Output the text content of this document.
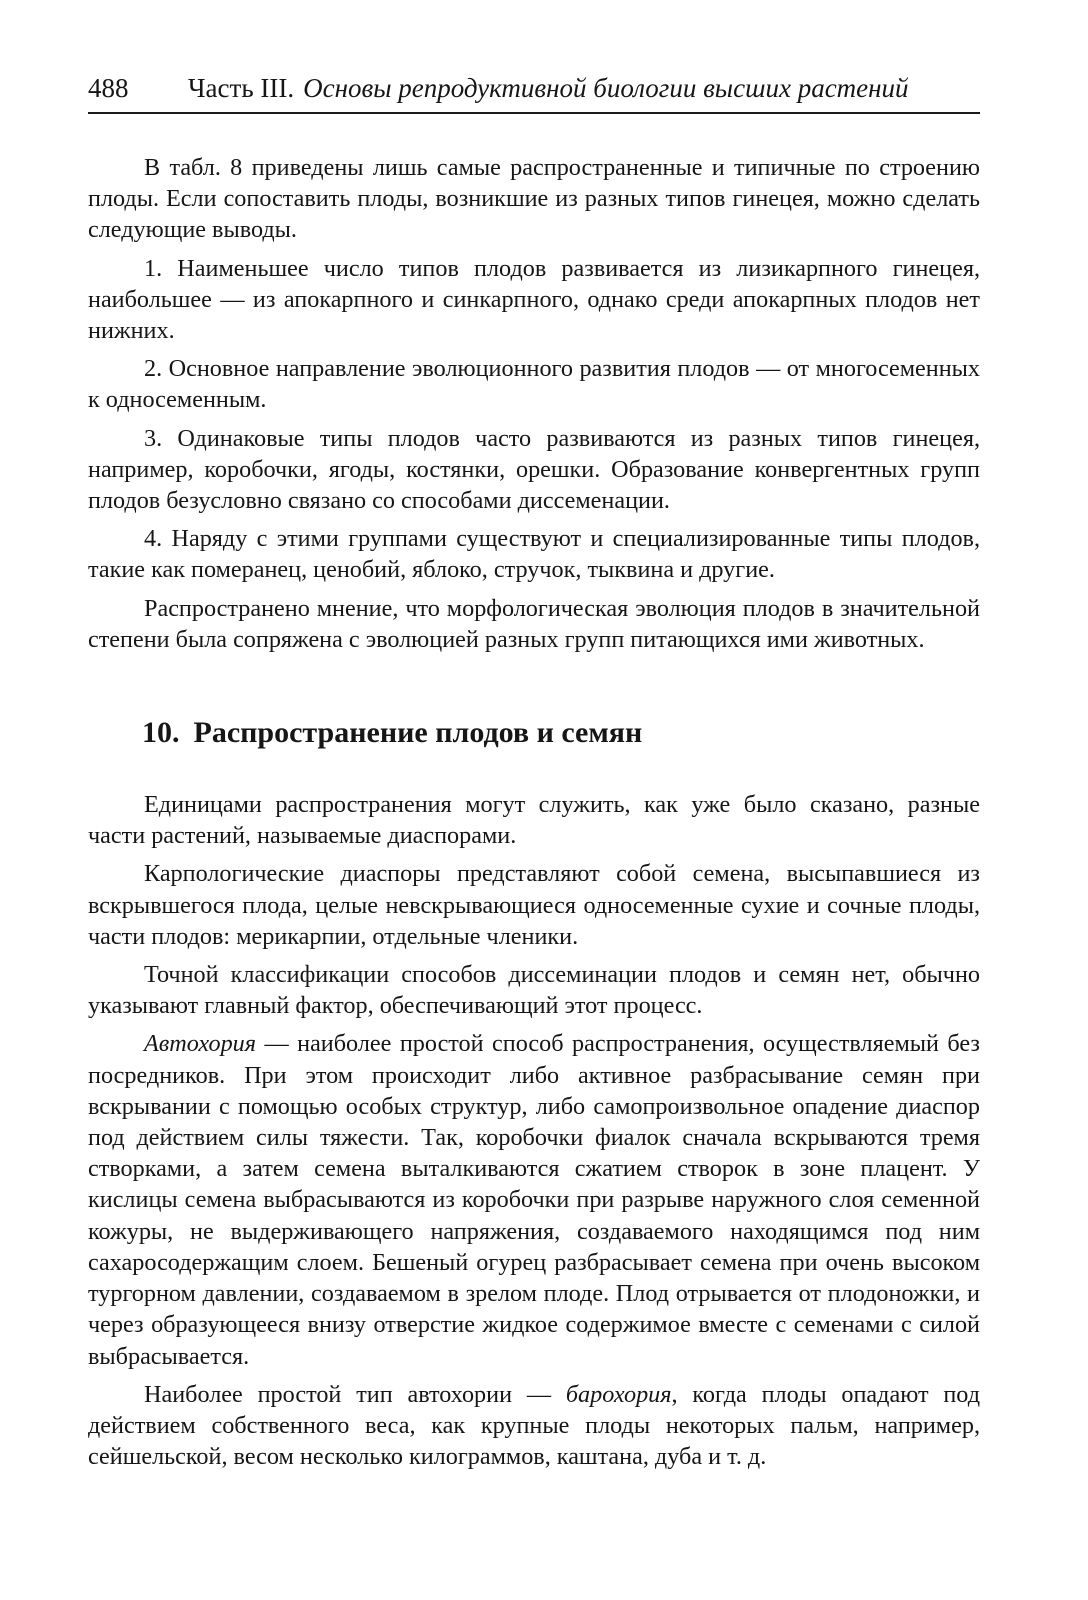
488	Часть III. Основы репродуктивной биологии высших растений

В табл. 8 приведены лишь самые распространенные и типичные по строению плоды. Если сопоставить плоды, возникшие из разных типов гинецея, можно сделать следующие выводы.

1. Наименьшее число типов плодов развивается из лизикарпного гинецея, наибольшее — из апокарпного и синкарпного, однако среди апокарпных плодов нет нижних.

2. Основное направление эволюционного развития плодов — от многосеменных к односеменным.

3. Одинаковые типы плодов часто развиваются из разных типов гинецея, например, коробочки, ягоды, костянки, орешки. Образование конвергентных групп плодов безусловно связано со способами диссеменации.

4. Наряду с этими группами существуют и специализированные типы плодов, такие как померанец, ценобий, яблоко, стручок, тыквина и другие.

Распространено мнение, что морфологическая эволюция плодов в значительной степени была сопряжена с эволюцией разных групп питающихся ими животных.

10. Распространение плодов и семян

Единицами распространения могут служить, как уже было сказано, разные части растений, называемые диаспорами.

Карпологические диаспоры представляют собой семена, высыпавшиеся из вскрывшегося плода, целые невскрывающиеся односеменные сухие и сочные плоды, части плодов: мерикарпии, отдельные членики.

Точной классификации способов диссеминации плодов и семян нет, обычно указывают главный фактор, обеспечивающий этот процесс.

Автохория — наиболее простой способ распространения, осуществляемый без посредников. При этом происходит либо активное разбрасывание семян при вскрывании с помощью особых структур, либо самопроизвольное опадение диаспор под действием силы тяжести. Так, коробочки фиалок сначала вскрываются тремя створками, а затем семена выталкиваются сжатием створок в зоне плацент. У кислицы семена выбрасываются из коробочки при разрыве наружного слоя семенной кожуры, не выдерживающего напряжения, создаваемого находящимся под ним сахаросодержащим слоем. Бешеный огурец разбрасывает семена при очень высоком тургорном давлении, создаваемом в зрелом плоде. Плод отрывается от плодоножки, и через образующееся внизу отверстие жидкое содержимое вместе с семенами с силой выбрасывается.

Наиболее простой тип автохории — барохория, когда плоды опадают под действием собственного веса, как крупные плоды некоторых пальм, например, сейшельской, весом несколько килограммов, каштана, дуба и т. д.
